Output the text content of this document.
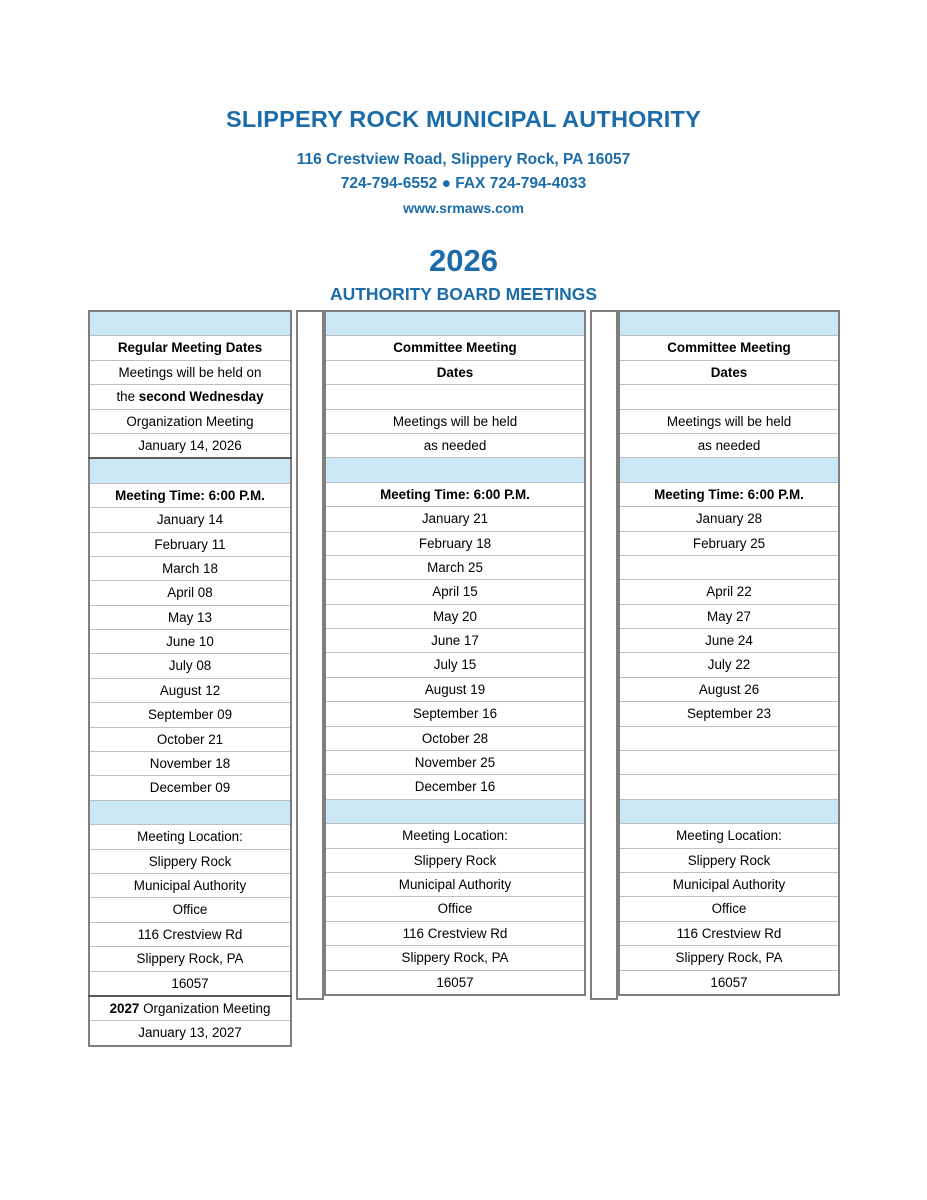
SLIPPERY ROCK MUNICIPAL AUTHORITY
116 Crestview Road, Slippery Rock, PA 16057
724-794-6552 ● FAX 724-794-4033
www.srmaws.com
2026
AUTHORITY BOARD MEETINGS

Regular Meeting Dates
Meetings will be held on
the second Wednesday
Organization Meeting
January 14, 2026

Meeting Time: 6:00 P.M.
January 14
February 11
March 18
April 08
May 13
June 10
July 08
August 12
September 09
October 21
November 18
December 09

Meeting Location:
Slippery Rock
Municipal Authority
Office
116 Crestview Rd
Slippery Rock, PA
16057
2027 Organization Meeting
January 13, 2027

Committee Meeting
Dates

Meetings will be held
as needed

Meeting Time: 6:00 P.M.
January 21
February 18
March 25
April 15
May 20
June 17
July 15
August 19
September 16
October 28
November 25
December 16

Meeting Location:
Slippery Rock
Municipal Authority
Office
116 Crestview Rd
Slippery Rock, PA
16057

Committee Meeting
Dates

Meetings will be held
as needed

Meeting Time: 6:00 P.M.
January 28
February 25

April 22
May 27
June 24
July 22
August 26
September 23

Meeting Location:
Slippery Rock
Municipal Authority
Office
116 Crestview Rd
Slippery Rock, PA
16057
